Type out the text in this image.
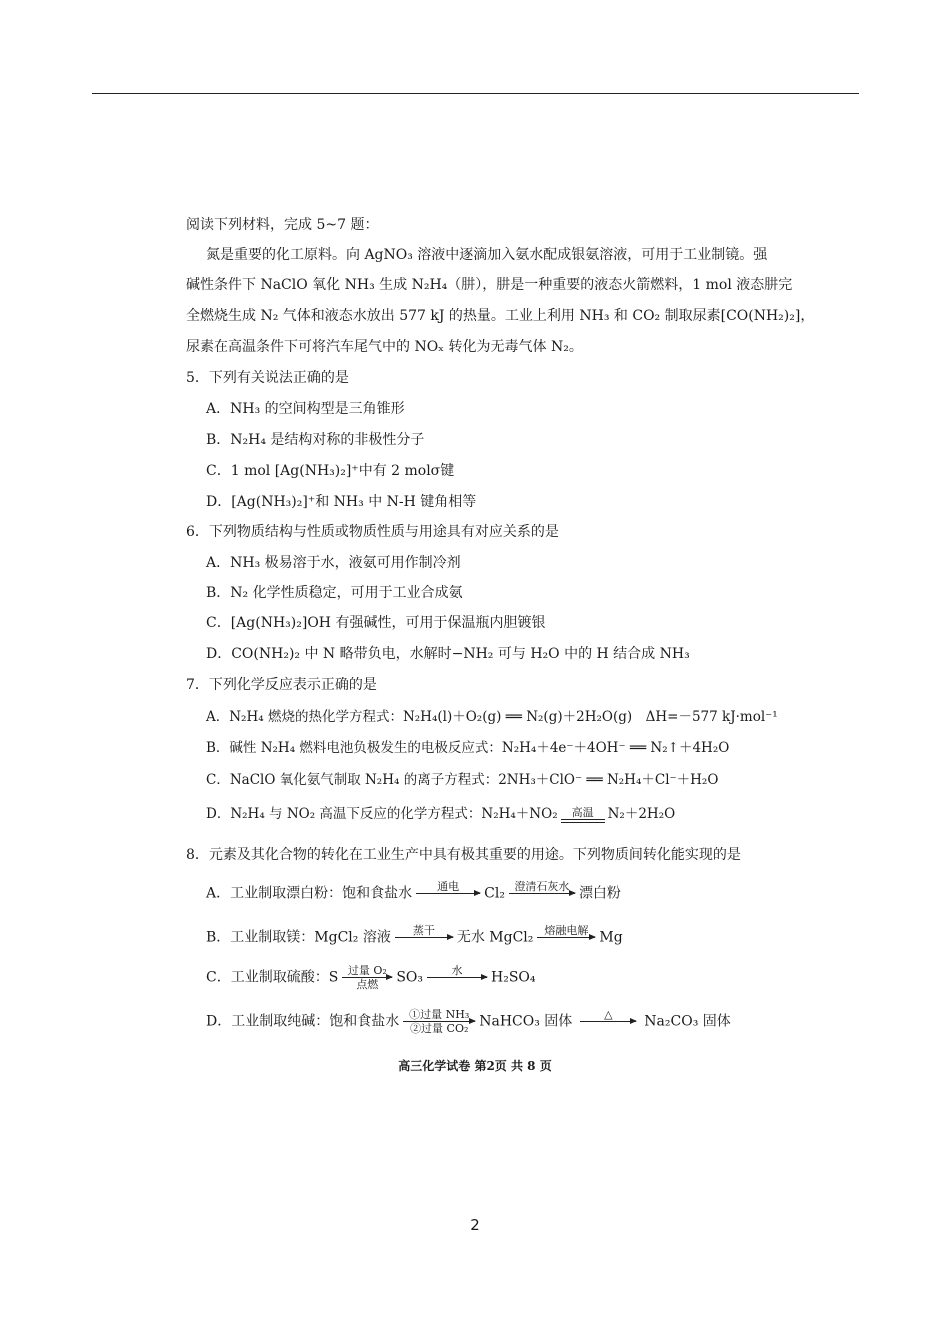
阅读下列材料，完成 5~7 题：
氮是重要的化工原料。向 AgNO₃ 溶液中逐滴加入氨水配成银氨溶液，可用于工业制镜。强
碱性条件下 NaClO 氧化 NH₃ 生成 N₂H₄（肼），肼是一种重要的液态火箭燃料，1 mol 液态肼完
全燃烧生成 N₂ 气体和液态水放出 577 kJ 的热量。工业上利用 NH₃ 和 CO₂ 制取尿素[CO(NH₂)₂]，
尿素在高温条件下可将汽车尾气中的 NOₓ 转化为无毒气体 N₂。
5．下列有关说法正确的是
A．NH₃ 的空间构型是三角锥形
B．N₂H₄ 是结构对称的非极性分子
C．1 mol [Ag(NH₃)₂]⁺中有 2 molσ键
D．[Ag(NH₃)₂]⁺和 NH₃ 中 N-H 键角相等
6．下列物质结构与性质或物质性质与用途具有对应关系的是
A．NH₃ 极易溶于水，液氨可用作制冷剂
B．N₂ 化学性质稳定，可用于工业合成氨
C．[Ag(NH₃)₂]OH 有强碱性，可用于保温瓶内胆镀银
D．CO(NH₂)₂ 中 N 略带负电，水解时−NH₂ 可与 H₂O 中的 H 结合成 NH₃
7．下列化学反应表示正确的是
A．N₂H₄ 燃烧的热化学方程式：N₂H₄(l)＋O₂(g) ══ N₂(g)＋2H₂O(g)　ΔH=－577 kJ·mol⁻¹
B．碱性 N₂H₄ 燃料电池负极发生的电极反应式：N₂H₄＋4e⁻＋4OH⁻ ══ N₂↑＋4H₂O
C．NaClO 氧化氨气制取 N₂H₄ 的离子方程式：2NH₃＋ClO⁻ ══ N₂H₄＋Cl⁻＋H₂O
D．N₂H₄ 与 NO₂ 高温下反应的化学方程式：N₂H₄＋NO₂	高温	N₂＋2H₂O
8．元素及其化合物的转化在工业生产中具有极其重要的用途。下列物质间转化能实现的是
A．工业制取漂白粉：饱和食盐水	通电
	Cl₂ 澄清石灰水
漂白粉
B．工业制取镁：MgCl₂ 溶液	蒸干
	无水 MgCl₂	熔融电解
Mg
C．工业制取硫酸：S 过量 O₂
点燃	SO₃	水
	H₂SO₄
D．工业制取纯碱：饱和食盐水 ①过量 NH₃
②过量 CO₂ NaHCO₃ 固体	△
	Na₂CO₃ 固体
高三化学试卷 第2页 共 8 页
2
